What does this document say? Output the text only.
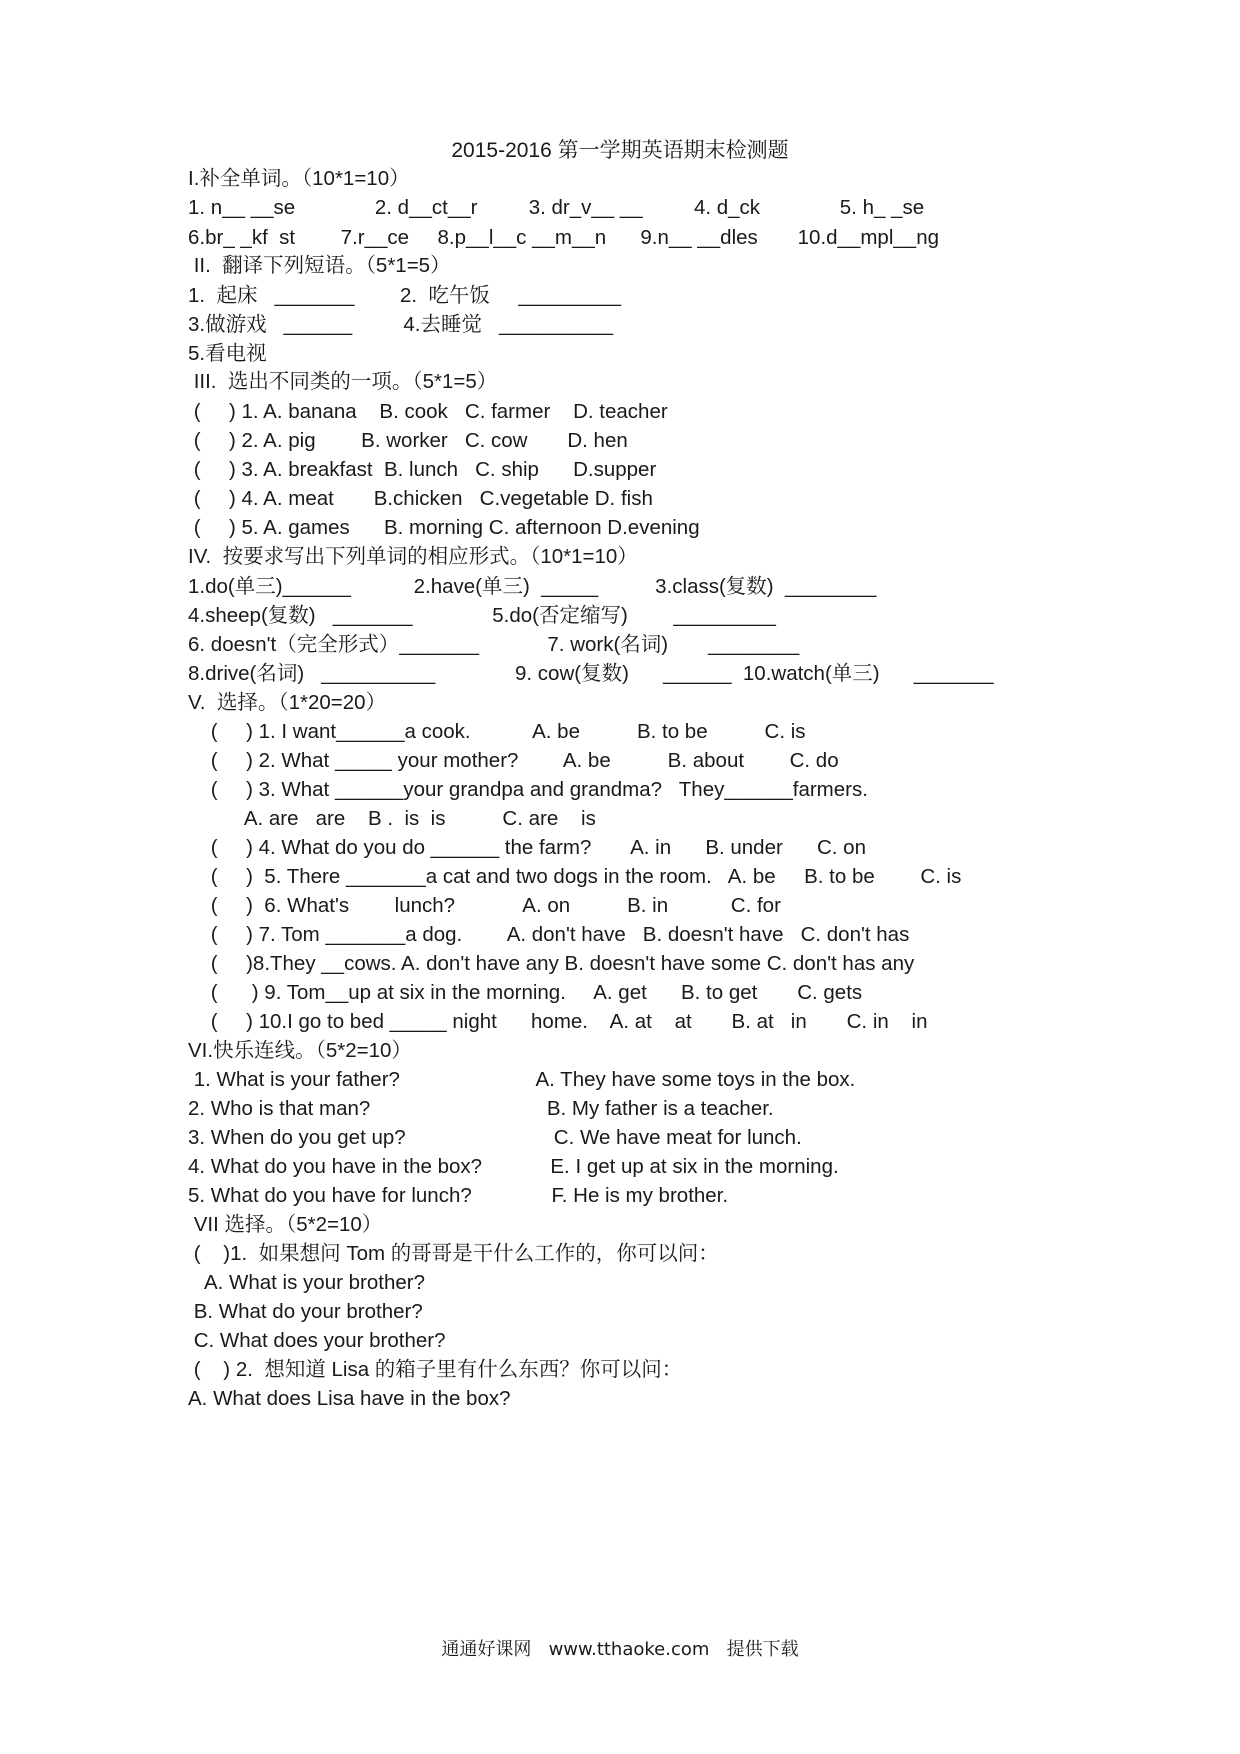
2015-2016 第一学期英语期末检测题
I.补全单词。（10*1=10）
1. n__ __se              2. d__ct__r         3. dr_v__ __         4. d_ck              5. h_ _se
6.br_ _kf  st        7.r__ce     8.p__l__c __m__n      9.n__ __dles       10.d__mpl__ng
II.  翻译下列短语。（5*1=5）
1.  起床   _______        2.  吃午饭     _________
3.做游戏   ______         4.去睡觉   __________
5.看电视
III.  选出不同类的一项。（5*1=5）
(     ) 1. A. banana    B. cook   C. farmer    D. teacher
(     ) 2. A. pig        B. worker   C. cow       D. hen
(     ) 3. A. breakfast  B. lunch   C. ship      D.supper
(     ) 4. A. meat       B.chicken   C.vegetable D. fish
(     ) 5. A. games      B. morning C. afternoon D.evening
IV.  按要求写出下列单词的相应形式。（10*1=10）
1.do(单三)______           2.have(单三)  _____          3.class(复数)  ________
4.sheep(复数)   _______              5.do(否定缩写)        _________
6. doesn't（完全形式）_______            7. work(名词)       ________
8.drive(名词)   __________              9. cow(复数)      ______  10.watch(单三)      _______
V.  选择。（1*20=20）
(     ) 1. I want______a cook.           A. be          B. to be          C. is
(     ) 2. What _____ your mother?        A. be          B. about        C. do
(     ) 3. What ______your grandpa and grandma?   They______farmers.
A. are   are    B .  is  is          C. are    is
(     ) 4. What do you do ______ the farm?       A. in      B. under      C. on
(     )  5. There _______a cat and two dogs in the room.   A. be     B. to be        C. is
(     )  6. What's        lunch?            A. on          B. in           C. for
(     ) 7. Tom _______a dog.        A. don't have   B. doesn't have   C. don't has
(     )8.They __cows. A. don't have any B. doesn't have some C. don't has any
(      ) 9. Tom__up at six in the morning.     A. get      B. to get       C. gets
(     ) 10.I go to bed _____ night      home.    A. at    at       B. at   in       C. in    in
VI.快乐连线。（5*2=10）
1. What is your father?                        A. They have some toys in the box.
2. Who is that man?                               B. My father is a teacher.
3. When do you get up?                          C. We have meat for lunch.
4. What do you have in the box?            E. I get up at six in the morning.
5. What do you have for lunch?              F. He is my brother.
VII 选择。（5*2=10）
(    )1.  如果想问 Tom 的哥哥是干什么工作的，你可以问：
A. What is your brother?
B. What do your brother?
C. What does your brother?
(    ) 2.  想知道 Lisa 的箱子里有什么东西？你可以问：
A. What does Lisa have in the box?
通通好课网   www.tthaoke.com   提供下载
